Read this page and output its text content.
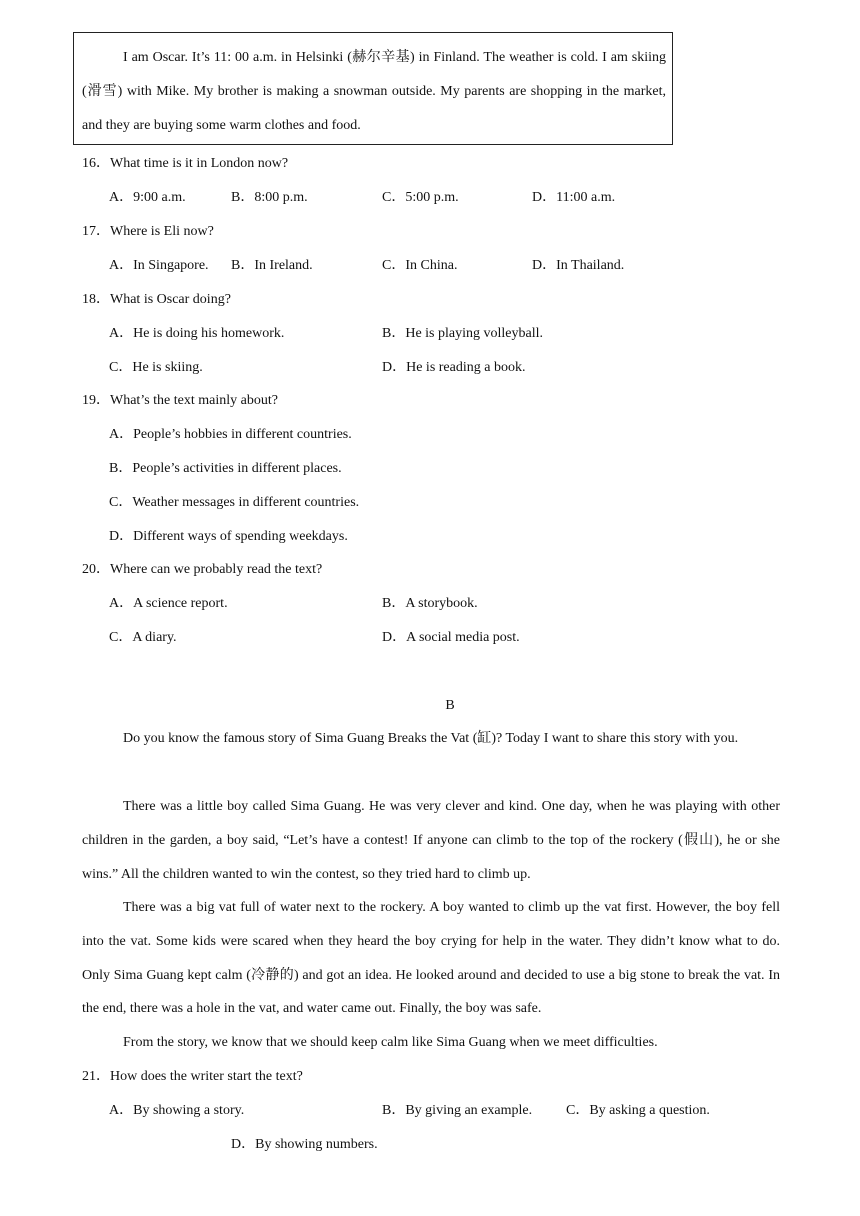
I am Oscar. It’s 11: 00 a.m. in Helsinki (赫尔辛基) in Finland. The weather is cold. I am skiing (滑雪) with Mike. My brother is making a snowman outside. My parents are shopping in the market, and they are buying some warm clothes and food.

16．What time is it in London now?
A．9:00 a.m.	B．8:00 p.m.	C．5:00 p.m.	D．11:00 a.m.
17．Where is Eli now?
A．In Singapore. B．In Ireland.	C．In China.	D．In Thailand.
18．What is Oscar doing?
A．He is doing his homework.	B．He is playing volleyball.
C．He is skiing.	D．He is reading a book.
19．What’s the text mainly about?
A．People’s hobbies in different countries.
B．People’s activities in different places.
C．Weather messages in different countries.
D．Different ways of spending weekdays.
20．Where can we probably read the text?
A．A science report.	B．A storybook.
C．A diary.	D．A social media post.
B

Do you know the famous story of Sima Guang Breaks the Vat (缸)? Today I want to share this story with you.

There was a little boy called Sima Guang. He was very clever and kind. One day, when he was playing with other children in the garden, a boy said, “Let’s have a contest! If anyone can climb to the top of the rockery (假山), he or she wins.” All the children wanted to win the contest, so they tried hard to climb up.

There was a big vat full of water next to the rockery. A boy wanted to climb up the vat first. However, the boy fell into the vat. Some kids were scared when they heard the boy crying for help in the water. They didn’t know what to do. Only Sima Guang kept calm (冷静的) and got an idea. He looked around and decided to use a big stone to break the vat. In the end, there was a hole in the vat, and water came out. Finally, the boy was safe.

From the story, we know that we should keep calm like Sima Guang when we meet difficulties.

21．How does the writer start the text?
A．By showing a story.	B．By giving an example. C．By asking a question.
D．By showing numbers.
